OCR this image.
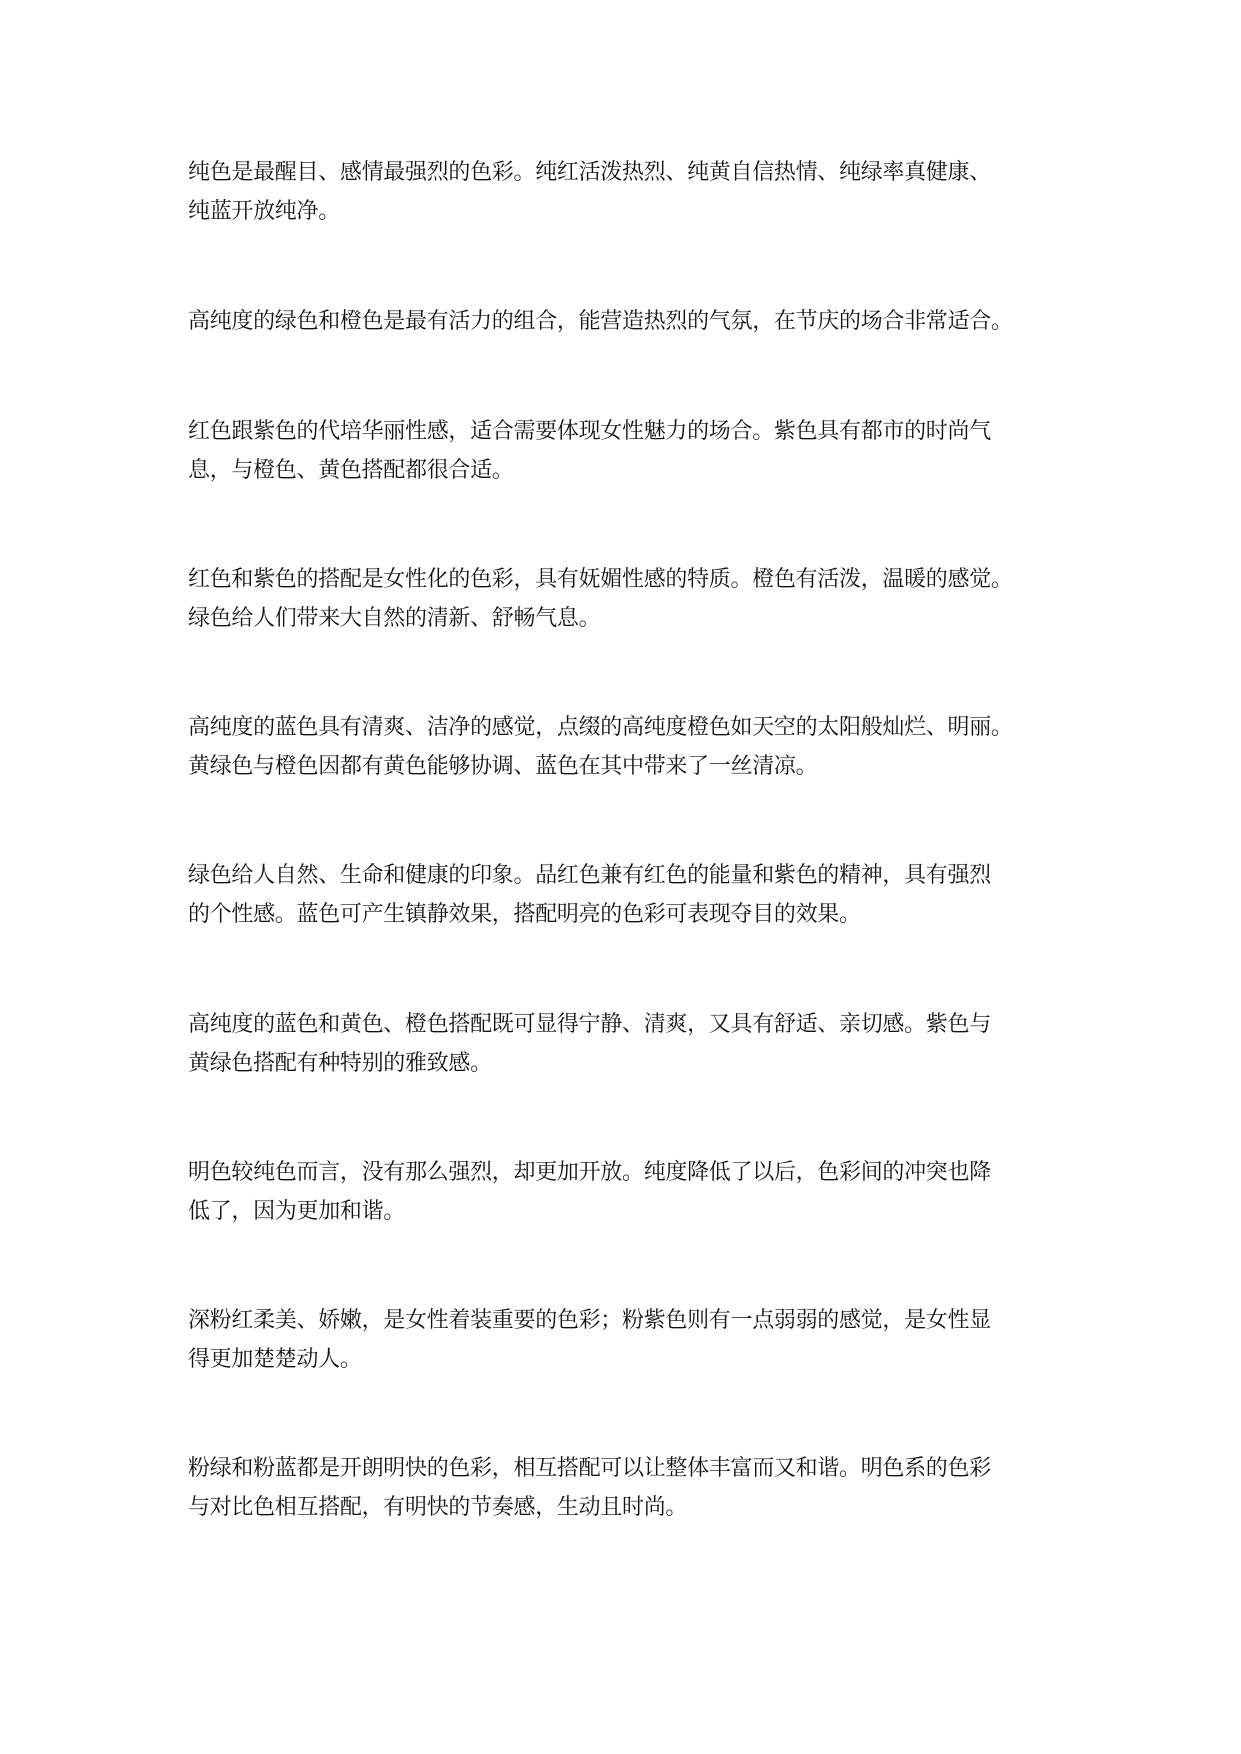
纯色是最醒目、感情最强烈的色彩。纯红活泼热烈、纯黄自信热情、纯绿率真健康、
纯蓝开放纯净。

高纯度的绿色和橙色是最有活力的组合，能营造热烈的气氛，在节庆的场合非常适合。

红色跟紫色的代培华丽性感，适合需要体现女性魅力的场合。紫色具有都市的时尚气
息，与橙色、黄色搭配都很合适。

红色和紫色的搭配是女性化的色彩，具有妩媚性感的特质。橙色有活泼，温暖的感觉。
绿色给人们带来大自然的清新、舒畅气息。

高纯度的蓝色具有清爽、洁净的感觉，点缀的高纯度橙色如天空的太阳般灿烂、明丽。
黄绿色与橙色因都有黄色能够协调、蓝色在其中带来了一丝清凉。

绿色给人自然、生命和健康的印象。品红色兼有红色的能量和紫色的精神，具有强烈
的个性感。蓝色可产生镇静效果，搭配明亮的色彩可表现夺目的效果。

高纯度的蓝色和黄色、橙色搭配既可显得宁静、清爽，又具有舒适、亲切感。紫色与
黄绿色搭配有种特别的雅致感。

明色较纯色而言，没有那么强烈，却更加开放。纯度降低了以后，色彩间的冲突也降
低了，因为更加和谐。

深粉红柔美、娇嫩，是女性着装重要的色彩；粉紫色则有一点弱弱的感觉，是女性显
得更加楚楚动人。

粉绿和粉蓝都是开朗明快的色彩，相互搭配可以让整体丰富而又和谐。明色系的色彩
与对比色相互搭配，有明快的节奏感，生动且时尚。
